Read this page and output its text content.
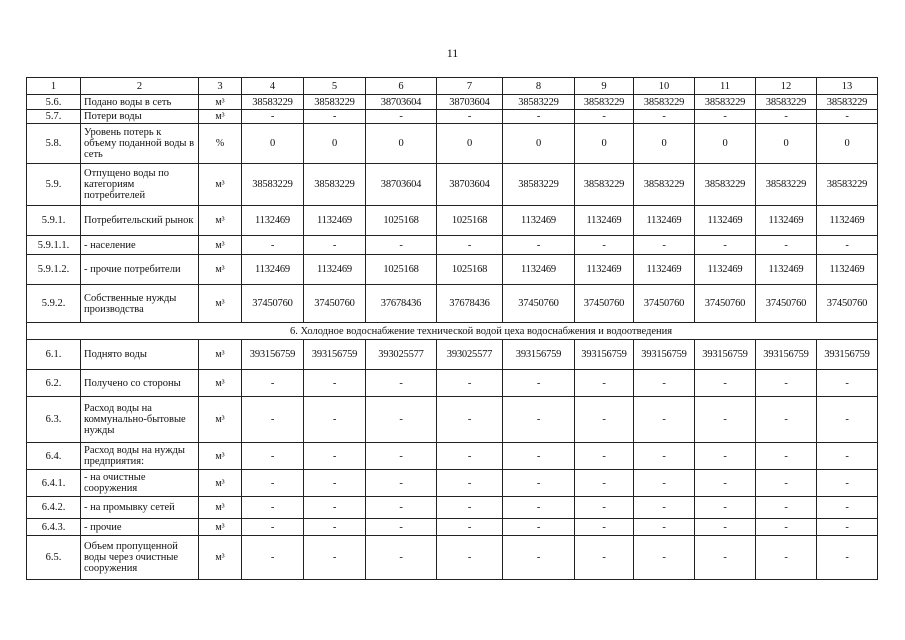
11
1	2	3	4	5	6	7	8	9	10	11	12	13
5.6.	Подано воды в сеть	м³	38583229	38583229	38703604	38703604	38583229	38583229	38583229	38583229	38583229	38583229
5.7.	Потери воды	м³	-	-	-	-	-	-	-	-	-	-
5.8.	Уровень потерь к объему поданной воды в сеть	%	0	0	0	0	0	0	0	0	0	0
5.9.	Отпущено воды по категориям потребителей	м³	38583229	38583229	38703604	38703604	38583229	38583229	38583229	38583229	38583229	38583229
5.9.1.	Потребительский рынок	м³	1132469	1132469	1025168	1025168	1132469	1132469	1132469	1132469	1132469	1132469
5.9.1.1.	- население	м³	-	-	-	-	-	-	-	-	-	-
5.9.1.2.	- прочие потребители	м³	1132469	1132469	1025168	1025168	1132469	1132469	1132469	1132469	1132469	1132469
5.9.2.	Собственные нужды производства	м³	37450760	37450760	37678436	37678436	37450760	37450760	37450760	37450760	37450760	37450760
6. Холодное водоснабжение технической водой цеха водоснабжения и водоотведения												
6.1.	Поднято воды	м³	393156759	393156759	393025577	393025577	393156759	393156759	393156759	393156759	393156759	393156759
6.2.	Получено со стороны	м³	-	-	-	-	-	-	-	-	-	-
6.3.	Расход воды на коммунально-бытовые нужды	м³	-	-	-	-	-	-	-	-	-	-
6.4.	Расход воды на нужды предприятия:	м³	-	-	-	-	-	-	-	-	-	-
6.4.1.	- на очистные сооружения	м³	-	-	-	-	-	-	-	-	-	-
6.4.2.	- на промывку сетей	м³	-	-	-	-	-	-	-	-	-	-
6.4.3.	- прочие	м³	-	-	-	-	-	-	-	-	-	-
6.5.	Объем пропущенной воды через очистные сооружения	м³	-	-	-	-	-	-	-	-	-	-
